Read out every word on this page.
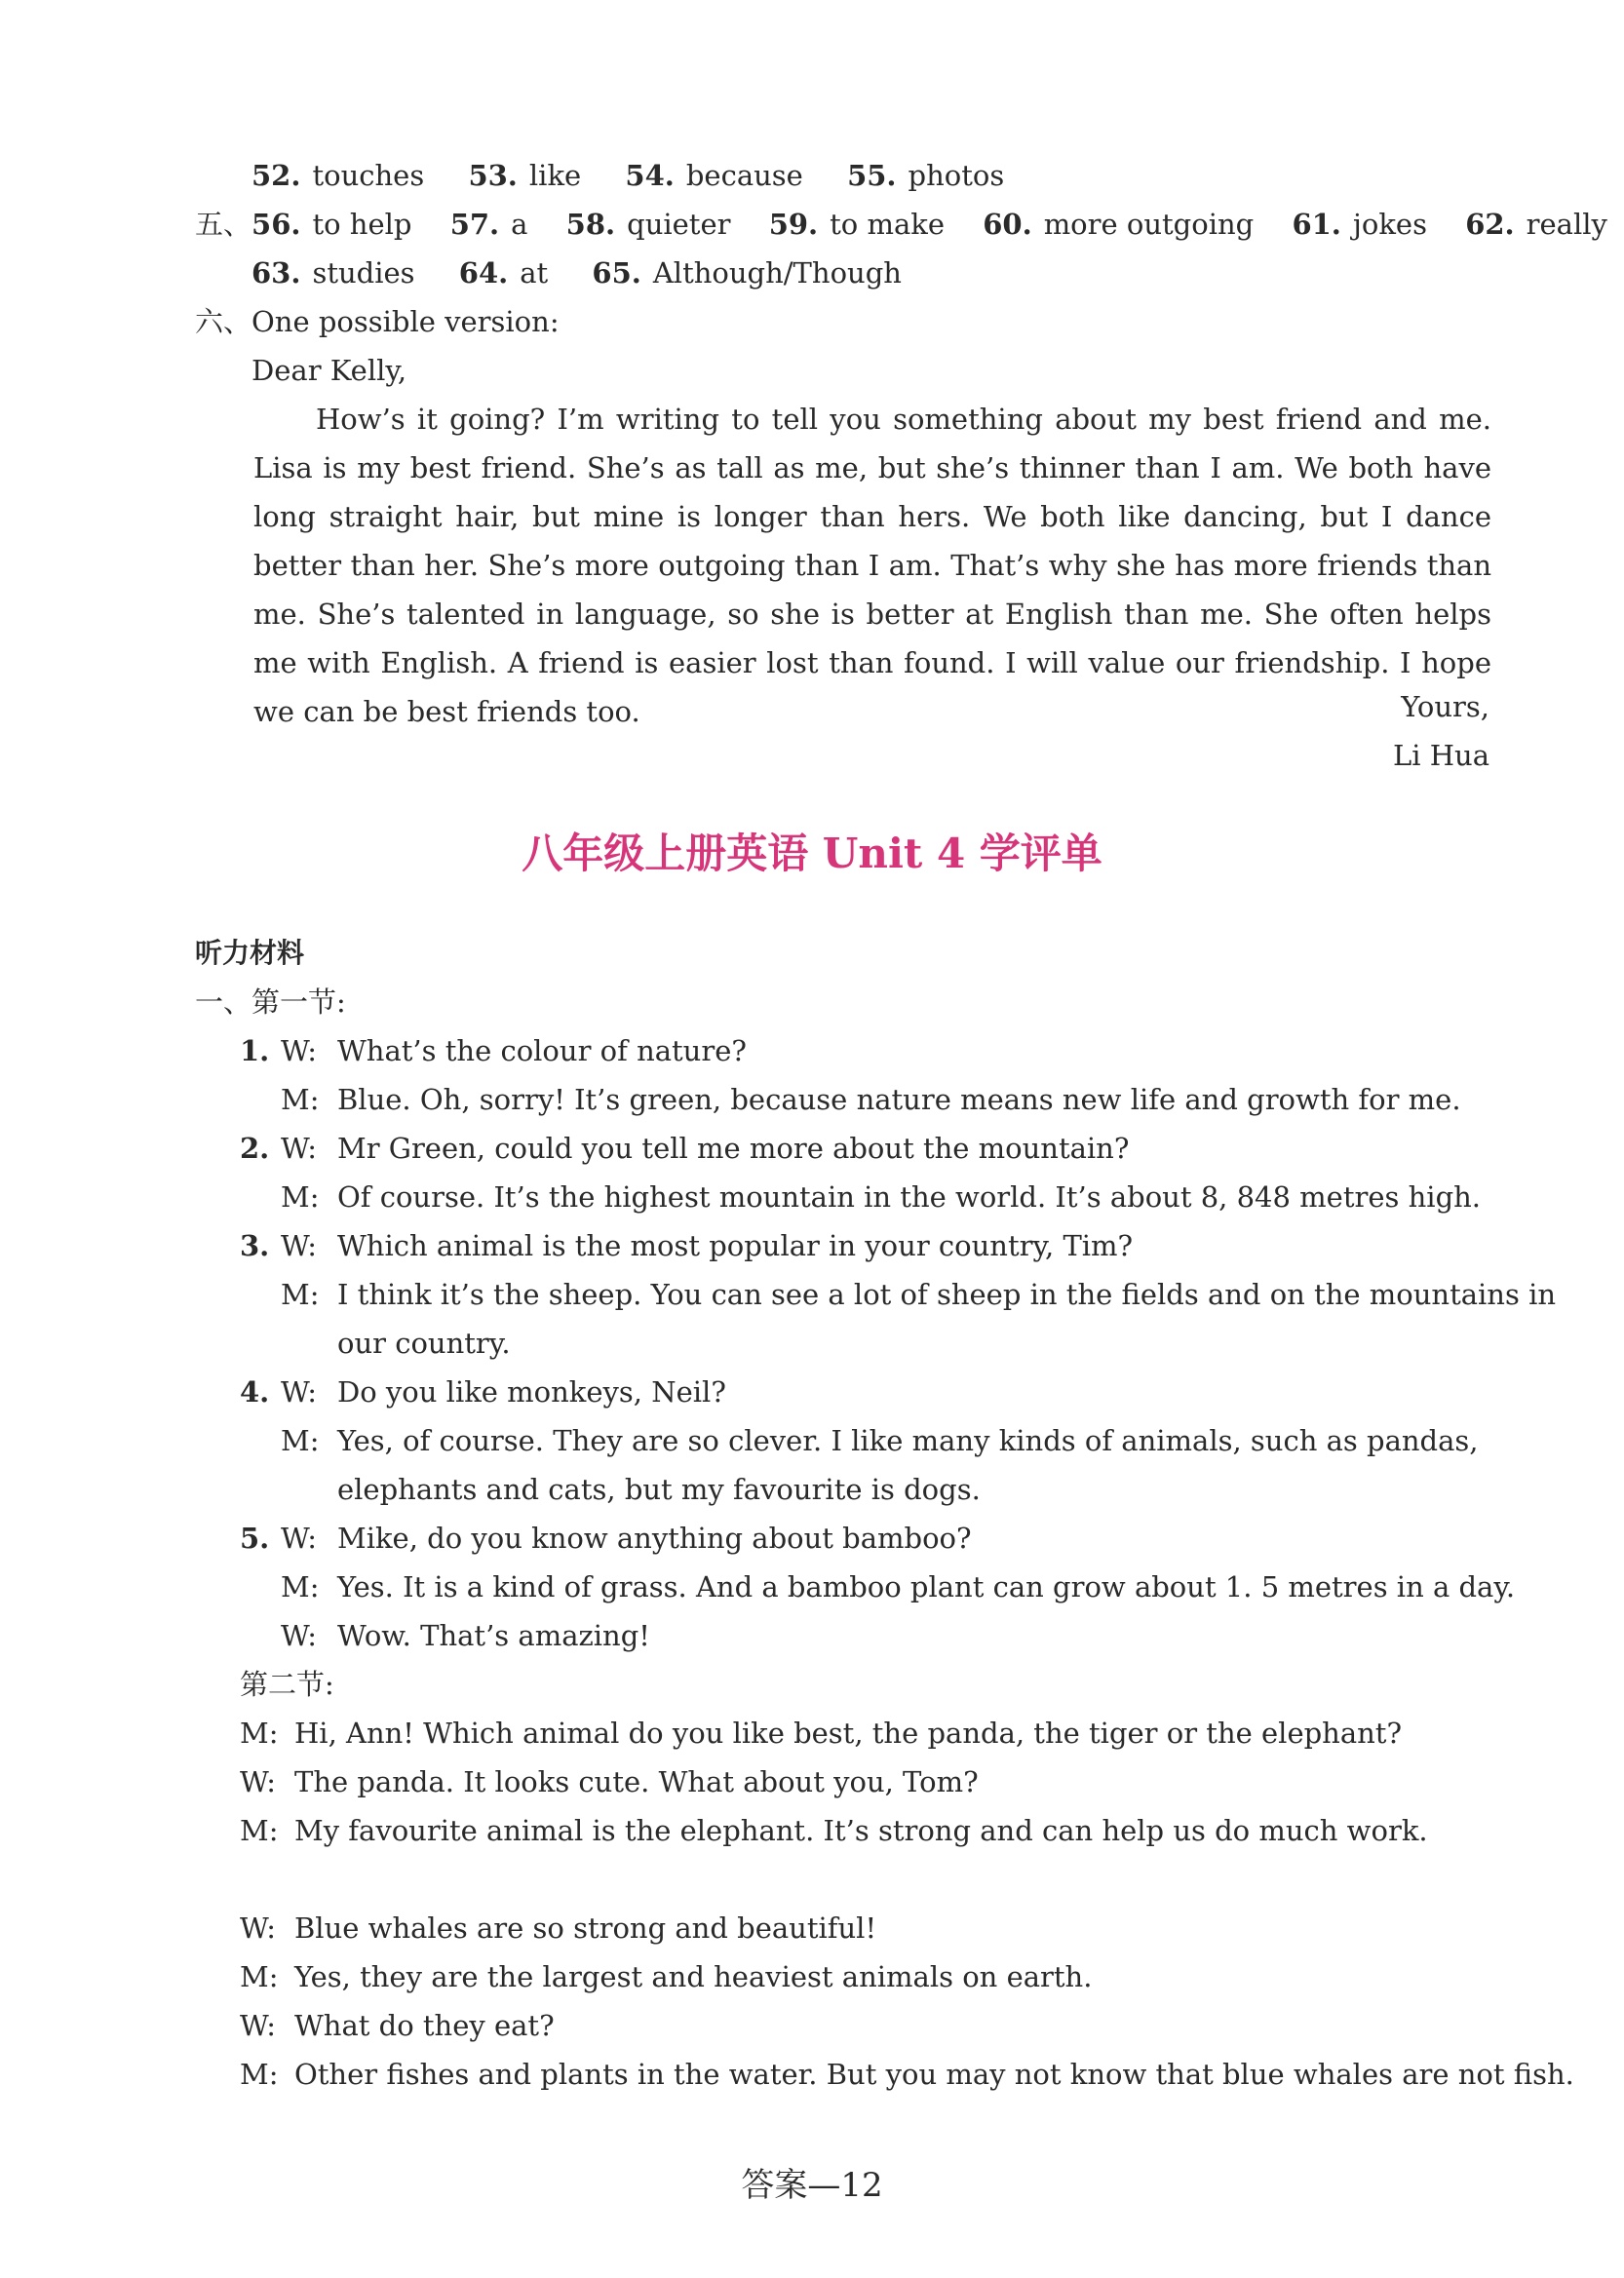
52. touches 53. like 54. because 55. photos
五、56. to help 57. a 58. quieter 59. to make 60. more outgoing 61. jokes 62. really
63. studies 64. at 65. Although/Though
六、One possible version:
Dear Kelly,
How’s it going? I’m writing to tell you something about my best friend and me. Lisa is my best friend. She’s as tall as me, but she’s thinner than I am. We both have long straight hair, but mine is longer than hers. We both like dancing, but I dance better than her. She’s more outgoing than I am. That’s why she has more friends than me. She’s talented in language, so she is better at English than me. She often helps me with English. A friend is easier lost than found. I will value our friendship. I hope we can be best friends too.	Yours,
Li Hua
八年级上册英语 Unit 4 学评单
听力材料
一、第一节:
1. W: What’s the colour of nature?
M: Blue. Oh, sorry! It’s green, because nature means new life and growth for me.
2. W: Mr Green, could you tell me more about the mountain?
M: Of course. It’s the highest mountain in the world. It’s about 8, 848 metres high.
3. W: Which animal is the most popular in your country, Tim?
M: I think it’s the sheep. You can see a lot of sheep in the fields and on the mountains in
our country.
4. W: Do you like monkeys, Neil?
M: Yes, of course. They are so clever. I like many kinds of animals, such as pandas,
elephants and cats, but my favourite is dogs.
5. W: Mike, do you know anything about bamboo?
M: Yes. It is a kind of grass. And a bamboo plant can grow about 1. 5 metres in a day.
W: Wow. That’s amazing!
第二节:
M: Hi, Ann! Which animal do you like best, the panda, the tiger or the elephant?
W: The panda. It looks cute. What about you, Tom?
M: My favourite animal is the elephant. It’s strong and can help us do much work.
W: Blue whales are so strong and beautiful!
M: Yes, they are the largest and heaviest animals on earth.
W: What do they eat?
M: Other fishes and plants in the water. But you may not know that blue whales are not fish.
答案—12
